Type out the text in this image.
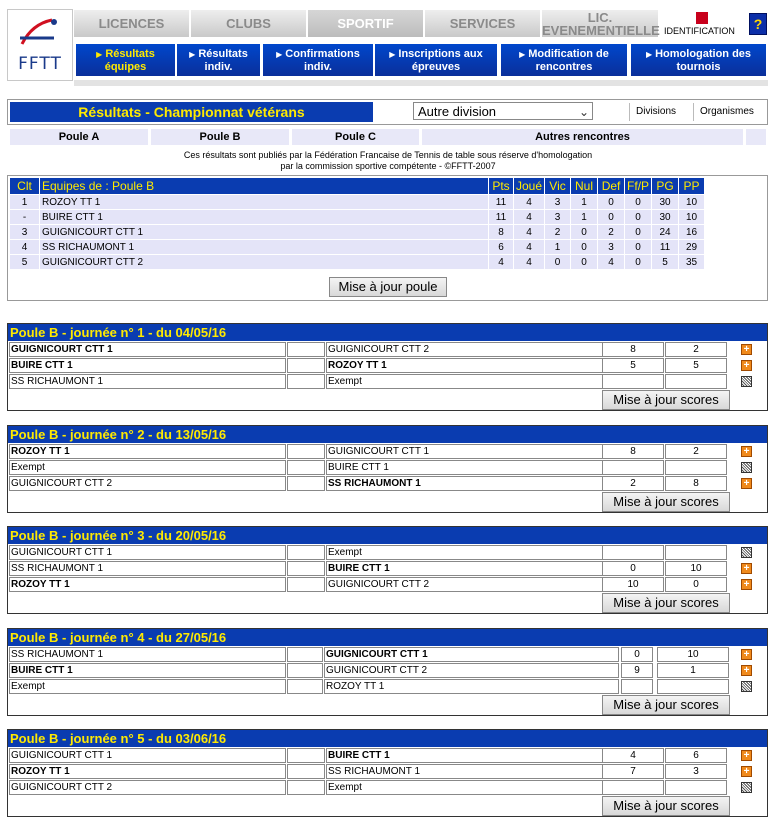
FFTT
LICENCES	CLUBS	SPORTIF	SERVICES	LIC. EVENEMENTIELLE IDENTIFICATION	?
▶ Résultats équipes
▶ Résultats indiv.
▶ Confirmations indiv.
▶ Inscriptions aux épreuves
▶ Modification de rencontres
▶ Homologation des tournois
Résultats - Championnat vétérans	Autre division	⌄	Divisions Organismes
Poule A	Poule B	Poule C	Autres rencontres
Ces résultats sont publiés par la Fédération Francaise de Tennis de table sous réserve d'homologation
par la commission sportive compétente - ©FFTT-2007
Clt	Equipes de : Poule B	Pts	Joué	Vic	Nul	Def	Ff/P	PG	PP
1	ROZOY TT 1	11	4	3	1	0	0	30	10
-	BUIRE CTT 1	11	4	3	1	0	0	30	10
3	GUIGNICOURT CTT 1	8	4	2	0	2	0	24	16
4	SS RICHAUMONT 1	6	4	1	0	3	0	11	29
5	GUIGNICOURT CTT 2	4	4	0	0	4	0	5	35
Mise à jour poule
Poule B - journée n° 1 - du 04/05/16
GUIGNICOURT CTT 1	GUIGNICOURT CTT 2	8	2	+
BUIRE CTT 1	ROZOY TT 1	5	5	+
SS RICHAUMONT 1	Exempt
Mise à jour scores
Poule B - journée n° 2 - du 13/05/16
ROZOY TT 1	GUIGNICOURT CTT 1	8	2	+
Exempt	BUIRE CTT 1
GUIGNICOURT CTT 2	SS RICHAUMONT 1	2	8	+
Mise à jour scores
Poule B - journée n° 3 - du 20/05/16
GUIGNICOURT CTT 1	Exempt
SS RICHAUMONT 1	BUIRE CTT 1	0	10	+
ROZOY TT 1	GUIGNICOURT CTT 2	10	0	+
Mise à jour scores
Poule B - journée n° 4 - du 27/05/16
SS RICHAUMONT 1	GUIGNICOURT CTT 1	0	10	+
BUIRE CTT 1	GUIGNICOURT CTT 2	9	1	+
Exempt	ROZOY TT 1
Mise à jour scores
Poule B - journée n° 5 - du 03/06/16
GUIGNICOURT CTT 1	BUIRE CTT 1	4	6	+
ROZOY TT 1	SS RICHAUMONT 1	7	3	+
GUIGNICOURT CTT 2	Exempt
Mise à jour scores
